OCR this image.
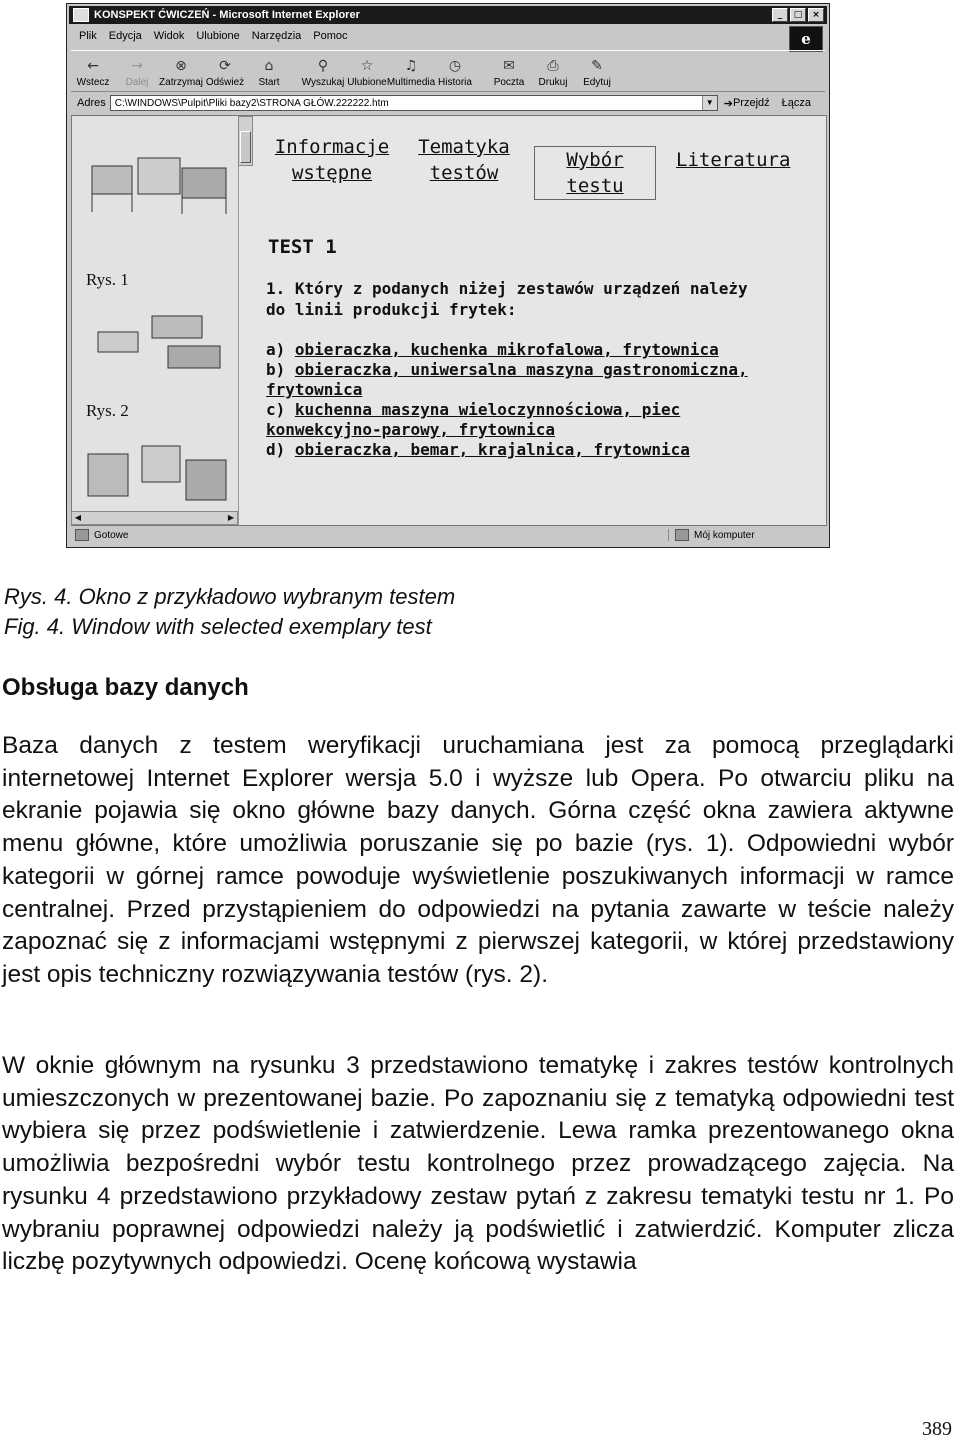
KONSPEKT ĆWICZEŃ - Microsoft Internet Explorer	_	□	×
Plik Edycja Widok Ulubione Narzędzia Pomoc	e
←
Wstecz
→
Dalej
⊗
Zatrzymaj
⟳
Odśwież
⌂
Start
⚲
Wyszukaj
☆
Ulubione
♫
Multimedia
◷
Historia
✉
Poczta
⎙
Drukuj
✎
Edytuj
Adres C:\WINDOWS\Pulpit\Pliki bazy2\STRONA GŁÓW.222222.htm	▼ ➔ Przejdź Łącza
Rys. 1
Rys. 2
Informacje
wstępne
Tematyka
testów
Wybór testu
Literatura
TEST 1
1. Który z podanych niżej zestawów urządzeń należy
do linii produkcji frytek:
a) obieraczka, kuchenka mikrofalowa, frytownica
b) obieraczka, uniwersalna maszyna gastronomiczna,
frytownica
c) kuchenna maszyna wieloczynnościowa, piec
konwekcyjno-parowy, frytownica
d) obieraczka, bemar, krajalnica, frytownica
◀	▶
Gotowe	Mój komputer
Rys. 4. Okno z przykładowo wybranym testem
Fig. 4. Window with selected exemplary test
Obsługa bazy danych
Baza danych z testem weryfikacji uruchamiana jest za pomocą przeglądarki internetowej Internet Explorer wersja 5.0 i wyższe lub Opera. Po otwarciu pliku na ekranie pojawia się okno główne bazy danych. Górna część okna zawiera aktywne menu główne, które umożliwia poruszanie się po bazie (rys. 1). Odpowiedni wybór kategorii w górnej ramce powoduje wyświetlenie poszukiwanych informacji w ramce centralnej. Przed przystąpieniem do odpowiedzi na pytania zawarte w teście należy zapoznać się z informacjami wstępnymi z pierwszej kategorii, w której przedstawiony jest opis techniczny rozwiązywania testów (rys. 2).
W oknie głównym na rysunku 3 przedstawiono tematykę i zakres testów kontrolnych umieszczonych w prezentowanej bazie. Po zapoznaniu się z tematyką odpowiedni test wybiera się przez podświetlenie i zatwierdzenie. Lewa ramka prezentowanego okna umożliwia bezpośredni wybór testu kontrolnego przez prowadzącego zajęcia. Na rysunku 4 przedstawiono przykładowy zestaw pytań z zakresu tematyki testu nr 1. Po wybraniu poprawnej odpowiedzi należy ją podświetlić i zatwierdzić. Komputer zlicza liczbę pozytywnych odpowiedzi. Ocenę końcową wystawia
389
